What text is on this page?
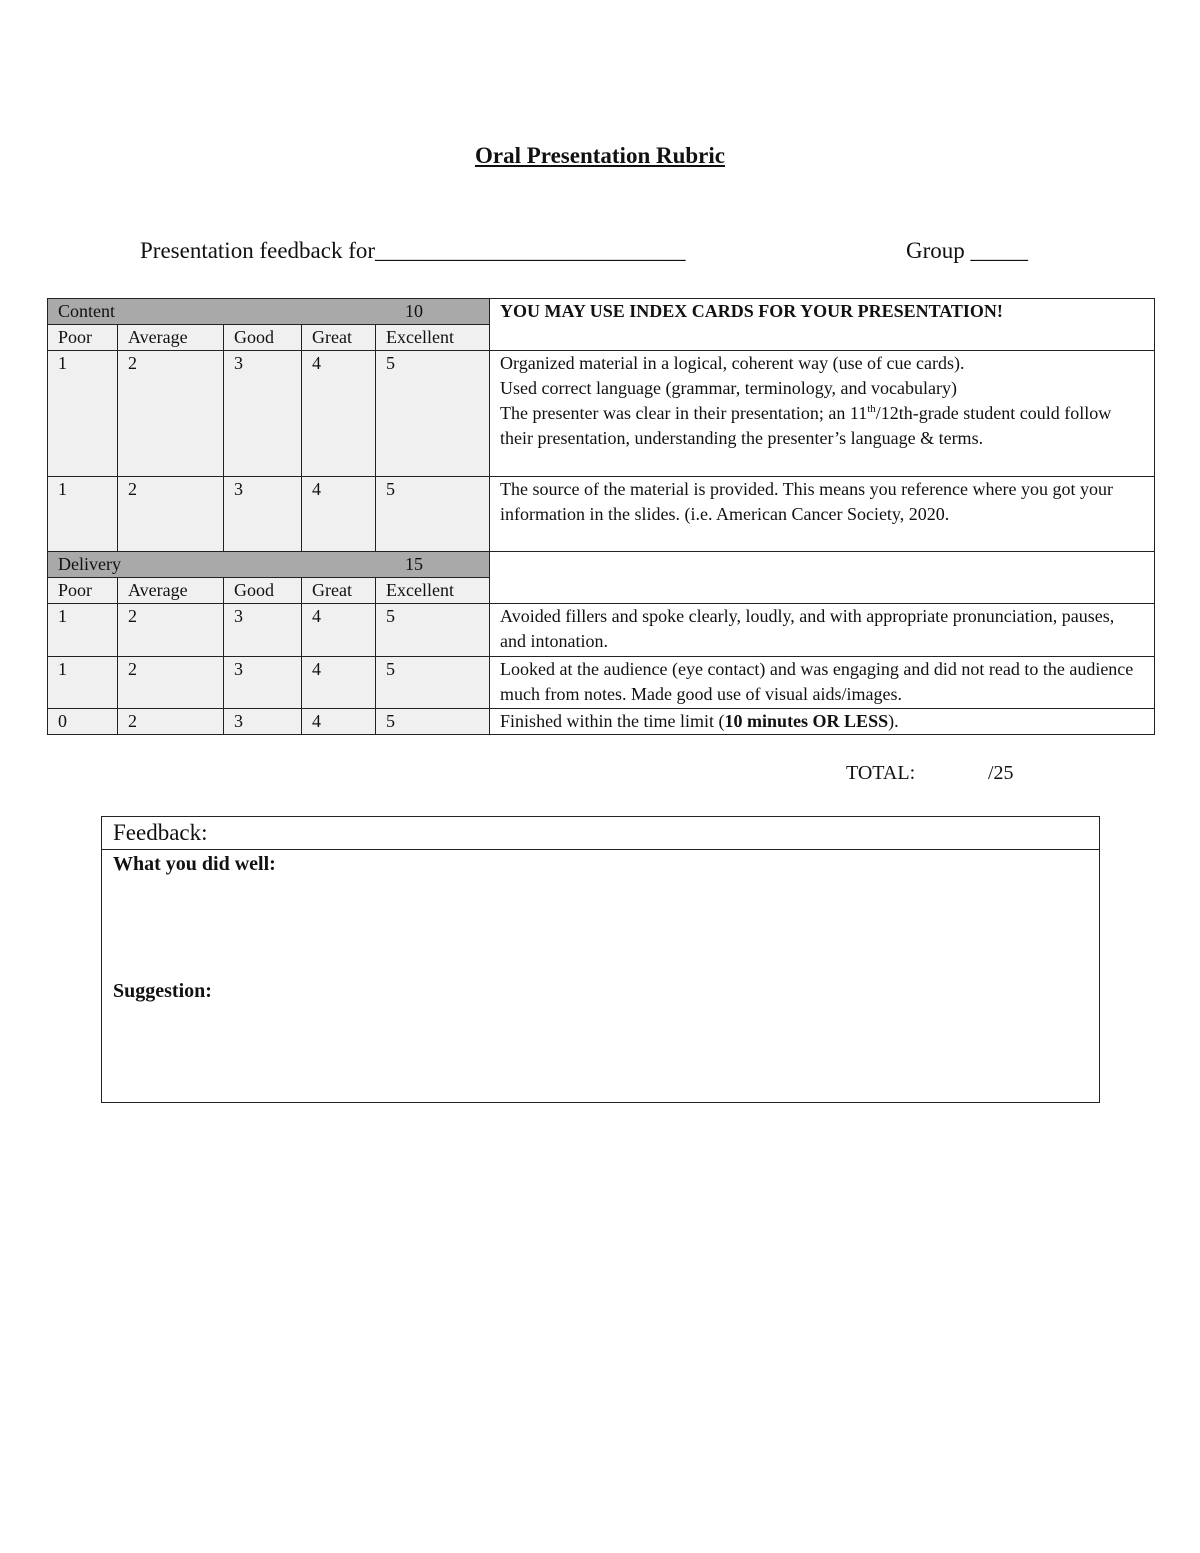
Oral Presentation Rubric
Presentation feedback for___________________________	Group _____
Content 10					YOU MAY USE INDEX CARDS FOR YOUR PRESENTATION!
Poor	Average	Good	Great	Excellent	
1	2	3	4	5	Organized material in a logical, coherent way (use of cue cards).
Used correct language (grammar, terminology, and vocabulary)
The presenter was clear in their presentation; an 11th/12th-grade student could follow their presentation, understanding the presenter’s language & terms.

1	2	3	4	5	The source of the material is provided. This means you reference where you got your information in the slides. (i.e. American Cancer Society, 2020.

Delivery 15					

Poor	Average	Good	Great	Excellent	
1	2	3	4	5	Avoided fillers and spoke clearly, loudly, and with appropriate pronunciation, pauses, and intonation.
1	2	3	4	5	Looked at the audience (eye contact) and was engaging and did not read to the audience much from notes. Made good use of visual aids/images.
0	2	3	4	5	Finished within the time limit (10 minutes OR LESS).
TOTAL:	/25
Feedback:
What you did well:
Suggestion:
